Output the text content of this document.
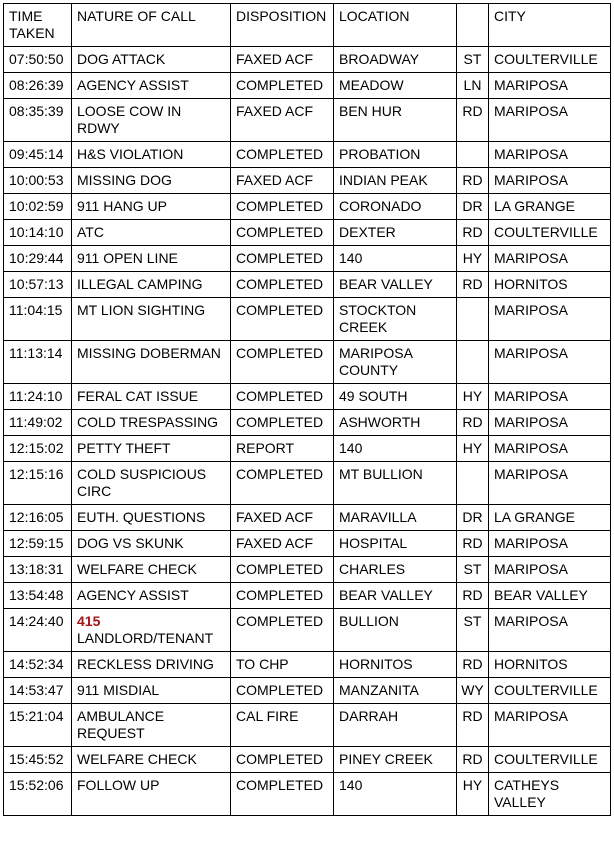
TIME TAKEN	NATURE OF CALL	DISPOSITION	LOCATION		CITY
07:50:50	DOG ATTACK	FAXED ACF	BROADWAY	ST	COULTERVILLE
08:26:39	AGENCY ASSIST	COMPLETED	MEADOW	LN	MARIPOSA
08:35:39	LOOSE COW IN RDWY	FAXED ACF	BEN HUR	RD	MARIPOSA
09:45:14	H&S VIOLATION	COMPLETED	PROBATION		MARIPOSA
10:00:53	MISSING DOG	FAXED ACF	INDIAN PEAK	RD	MARIPOSA
10:02:59	911 HANG UP	COMPLETED	CORONADO	DR	LA GRANGE
10:14:10	ATC	COMPLETED	DEXTER	RD	COULTERVILLE
10:29:44	911 OPEN LINE	COMPLETED	140	HY	MARIPOSA
10:57:13	ILLEGAL CAMPING	COMPLETED	BEAR VALLEY	RD	HORNITOS
11:04:15	MT LION SIGHTING	COMPLETED	STOCKTON CREEK		MARIPOSA
11:13:14	MISSING DOBERMAN	COMPLETED	MARIPOSA COUNTY		MARIPOSA
11:24:10	FERAL CAT ISSUE	COMPLETED	49 SOUTH	HY	MARIPOSA
11:49:02	COLD TRESPASSING	COMPLETED	ASHWORTH	RD	MARIPOSA
12:15:02	PETTY THEFT	REPORT	140	HY	MARIPOSA
12:15:16	COLD SUSPICIOUS CIRC	COMPLETED	MT BULLION		MARIPOSA
12:16:05	EUTH. QUESTIONS	FAXED ACF	MARAVILLA	DR	LA GRANGE
12:59:15	DOG VS SKUNK	FAXED ACF	HOSPITAL	RD	MARIPOSA
13:18:31	WELFARE CHECK	COMPLETED	CHARLES	ST	MARIPOSA
13:54:48	AGENCY ASSIST	COMPLETED	BEAR VALLEY	RD	BEAR VALLEY
14:24:40	415
LANDLORD/TENANT	COMPLETED	BULLION	ST	MARIPOSA
14:52:34	RECKLESS DRIVING	TO CHP	HORNITOS	RD	HORNITOS
14:53:47	911 MISDIAL	COMPLETED	MANZANITA	WY	COULTERVILLE
15:21:04	AMBULANCE REQUEST	CAL FIRE	DARRAH	RD	MARIPOSA
15:45:52	WELFARE CHECK	COMPLETED	PINEY CREEK	RD	COULTERVILLE
15:52:06	FOLLOW UP	COMPLETED	140	HY	CATHEYS VALLEY
